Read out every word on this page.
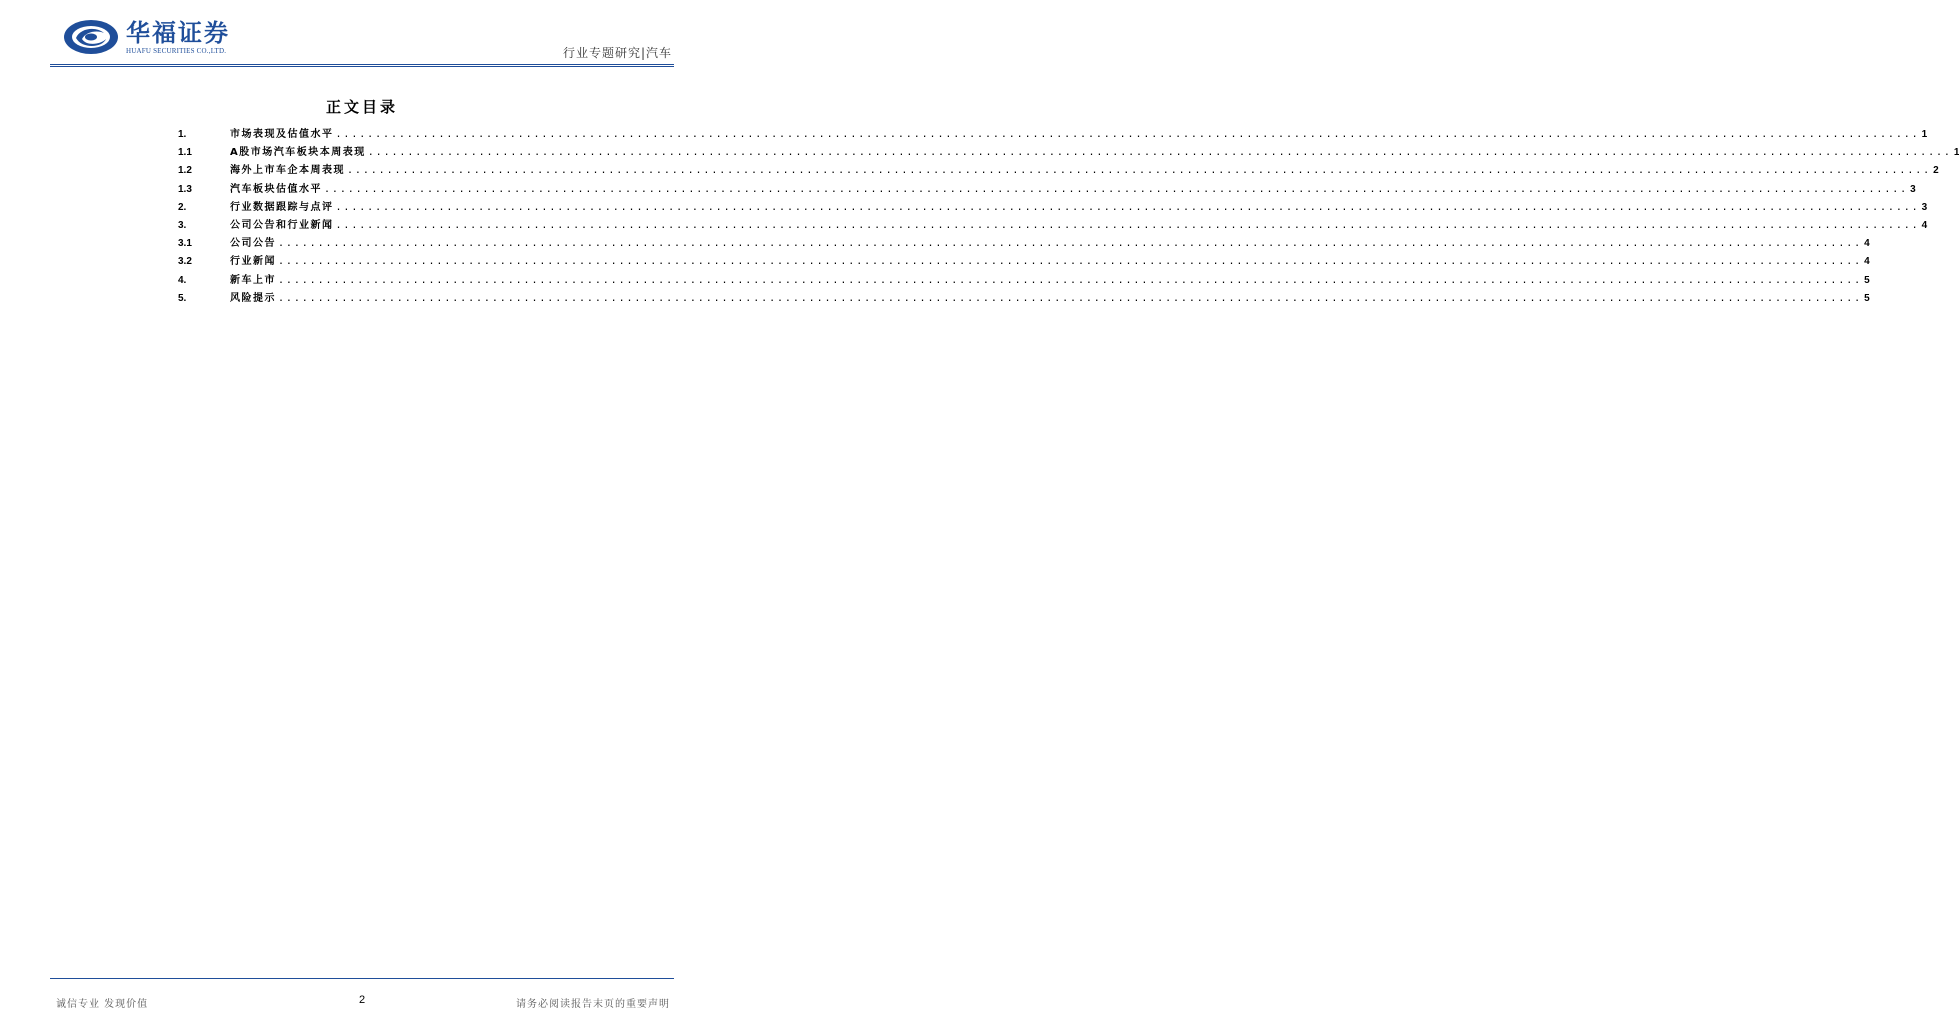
华福证券
HUAFU SECURITIES CO.,LTD.	行业专题研究|汽车
正文目录
1.	市场表现及估值水平 ........................................................................................................................................................................................................ 1
1.1	A股市场汽车板块本周表现 ........................................................................................................................................................................................................ 1
1.2	海外上市车企本周表现 ........................................................................................................................................................................................................ 2
1.3	汽车板块估值水平 ........................................................................................................................................................................................................ 3
2.	行业数据跟踪与点评 ........................................................................................................................................................................................................ 3
3.	公司公告和行业新闻 ........................................................................................................................................................................................................ 4
3.1	公司公告 ........................................................................................................................................................................................................ 4
3.2	行业新闻 ........................................................................................................................................................................................................ 4
4.	新车上市 ........................................................................................................................................................................................................ 5
5.	风险提示 ........................................................................................................................................................................................................ 5
诚信专业 发现价值	2	请务必阅读报告末页的重要声明
